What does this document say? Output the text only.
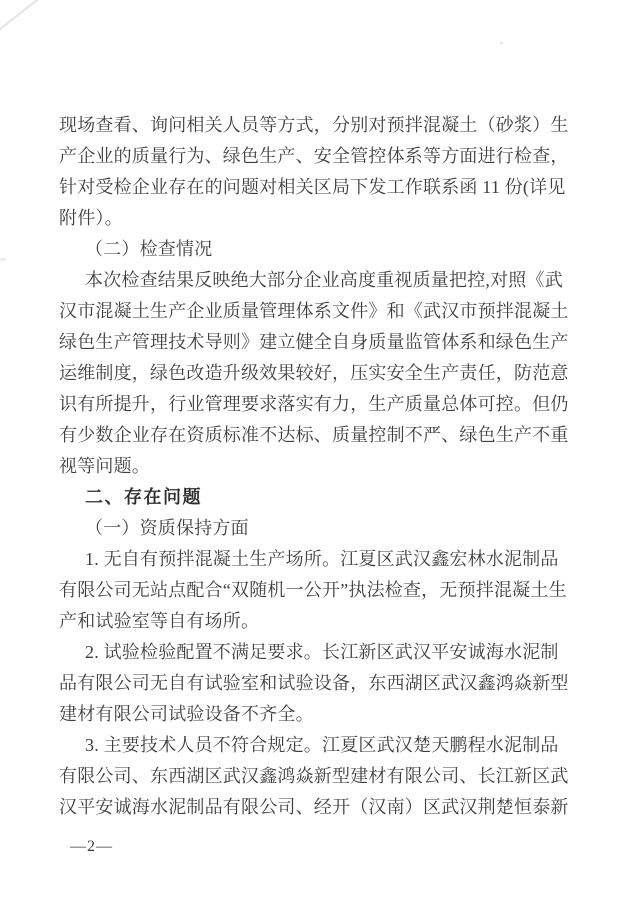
现场查看、询问相关人员等方式，分别对预拌混凝土（砂浆）生
产企业的质量行为、绿色生产、安全管控体系等方面进行检查，
针对受检企业存在的问题对相关区局下发工作联系函 11 份(详见
附件）。
（二）检查情况
本次检查结果反映绝大部分企业高度重视质量把控,对照《武
汉市混凝土生产企业质量管理体系文件》和《武汉市预拌混凝土
绿色生产管理技术导则》建立健全自身质量监管体系和绿色生产
运维制度，绿色改造升级效果较好，压实安全生产责任，防范意
识有所提升，行业管理要求落实有力，生产质量总体可控。但仍
有少数企业存在资质标准不达标、质量控制不严、绿色生产不重
视等问题。
二、存在问题
（一）资质保持方面
1. 无自有预拌混凝土生产场所。江夏区武汉鑫宏林水泥制品
有限公司无站点配合“双随机一公开”执法检查，无预拌混凝土生
产和试验室等自有场所。
2. 试验检验配置不满足要求。长江新区武汉平安诚海水泥制
品有限公司无自有试验室和试验设备，东西湖区武汉鑫鸿焱新型
建材有限公司试验设备不齐全。
3. 主要技术人员不符合规定。江夏区武汉楚天鹏程水泥制品
有限公司、东西湖区武汉鑫鸿焱新型建材有限公司、长江新区武
汉平安诚海水泥制品有限公司、经开（汉南）区武汉荆楚恒泰新
—2—
